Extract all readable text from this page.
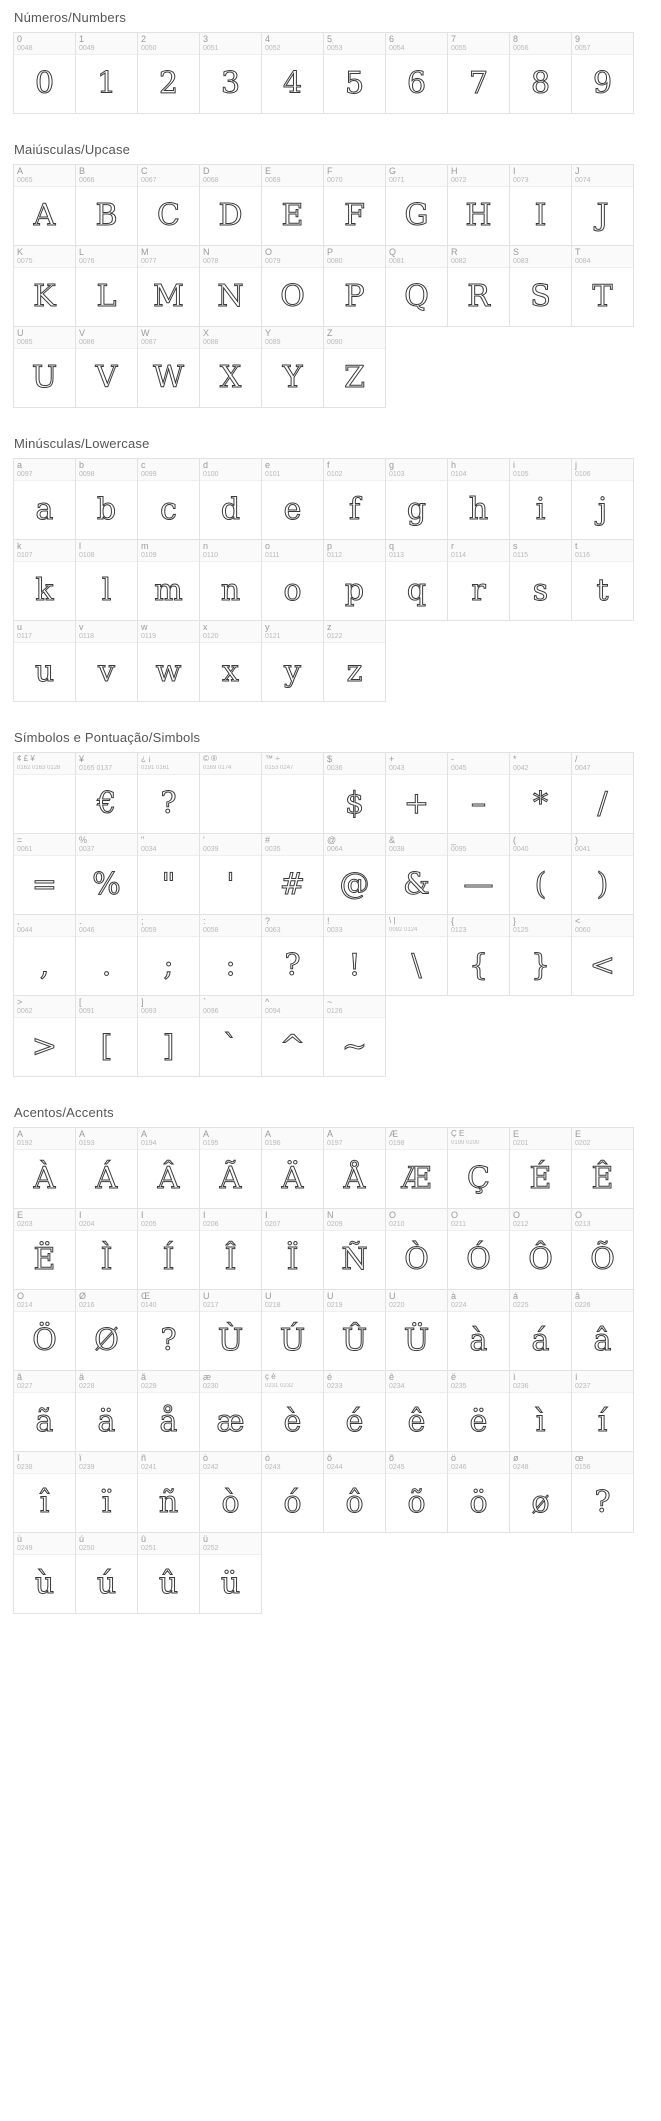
Números/Numbers
0
0048
0
1
0049
1
2
0050
2
3
0051
3
4
0052
4
5
0053
5
6
0054
6
7
0055
7
8
0056
8
9
0057
9
Maiúsculas/Upcase
A
0065
A
B
0066
B
C
0067
C
D
0068
D
E
0069
E
F
0070
F
G
0071
G
H
0072
H
I
0073
I
J
0074
J
K
0075
K
L
0076
L
M
0077
M
N
0078
N
O
0079
O
P
0080
P
Q
0081
Q
R
0082
R
S
0083
S
T
0084
T
U
0085
U
V
0086
V
W
0087
W
X
0088
X
Y
0089
Y
Z
0090
Z
Minúsculas/Lowercase
a
0097
a
b
0098
b
c
0099
c
d
0100
d
e
0101
e
f
0102
f
g
0103
g
h
0104
h
i
0105
i
j
0106
j
k
0107
k
l
0108
l
m
0109
m
n
0110
n
o
0111
o
p
0112
p
q
0113
q
r
0114
r
s
0115
s
t
0116
t
u
0117
u
v
0118
v
w
0119
w
x
0120
x
y
0121
y
z
0122
z
Símbolos e Pontuação/Simbols
¢ £ ¥
0162 0163 0128
¥
0165 0137
€
¿ ¡
0191 0161
?
© ®
0169 0174
™ ÷
0153 0247
$
0036
$
+
0043
+
-
0045
–
*
0042
*
/
0047
/
=
0061
=
%
0037
%
"
0034
"
'
0039
'
#
0035
#
@
0064
@
&
0038
&
_
0095
—
(
0040
(
)
0041
)
,
0044
,
.
0046
.
;
0059
;
:
0058
:
?
0063
?
!
0033
!
\ |
0092 0124
\
{
0123
{
}
0125
}
<
0060
<
>
0062
>
[
0091
[
]
0093
]
`
0096
`
^
0094
^
~
0126
~
Acentos/Accents
À
0192
À
Á
0193
Á
Â
0194
Â
Ã
0195
Ã
Ä
0196
Ä
Å
0197
Å
Æ
0198
Æ
Ç É
0199 0200
Ç
É
0201
É
Ê
0202
Ê
Ë
0203
Ë
Ì
0204
Ì
Í
0205
Í
Î
0206
Î
Ï
0207
Ï
Ñ
0209
Ñ
Ò
0210
Ò
Ó
0211
Ó
Ô
0212
Ô
Õ
0213
Õ
Ö
0214
Ö
Ø
0216
Ø
Œ
0140
?
Ù
0217
Ù
Ú
0218
Ú
Û
0219
Û
Ü
0220
Ü
à
0224
à
á
0225
á
â
0226
â
ã
0227
ã
ä
0228
ä
å
0229
å
æ
0230
æ
ç è
0231 0232
è
é
0233
é
ê
0234
ê
ë
0235
ë
ì
0236
ì
í
0237
í
î
0238
î
ï
0239
ï
ñ
0241
ñ
ò
0242
ò
ó
0243
ó
ô
0244
ô
õ
0245
õ
ö
0246
ö
ø
0248
ø
œ
0156
?
ù
0249
ù
ú
0250
ú
û
0251
û
ü
0252
ü
